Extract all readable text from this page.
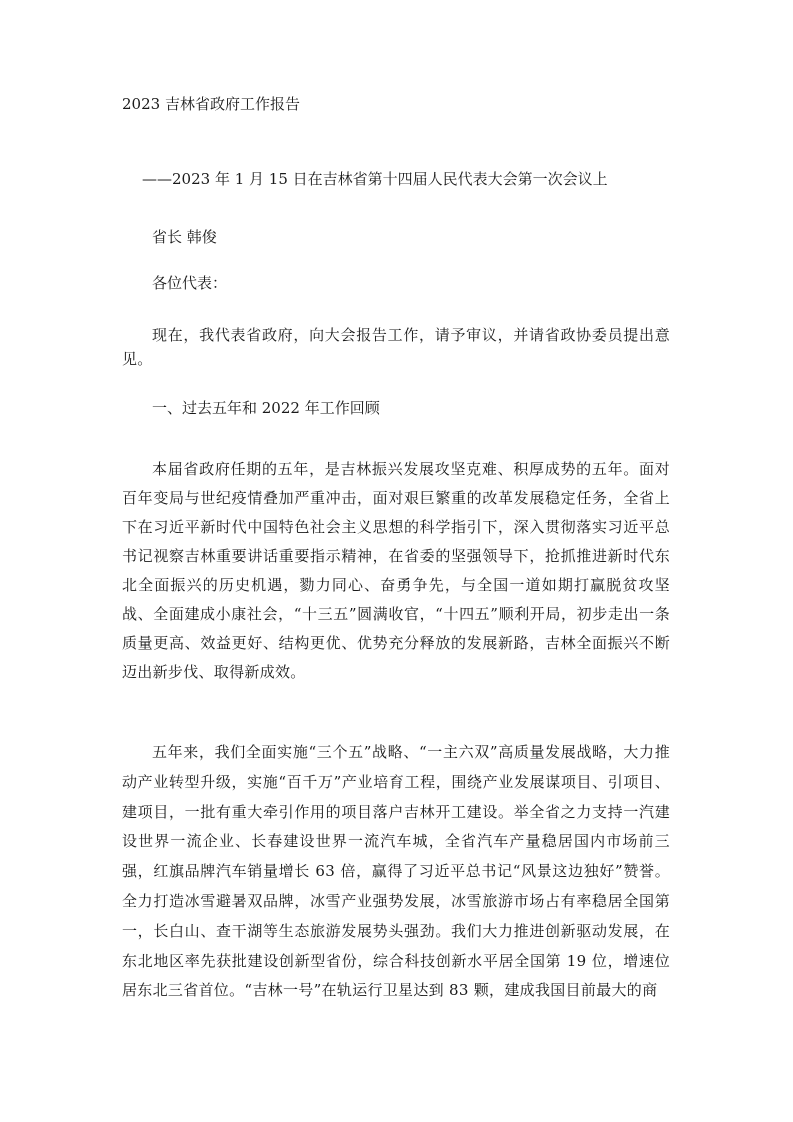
2023 吉林省政府工作报告

——2023 年 1 月 15 日在吉林省第十四届人民代表大会第一次会议上

省长 韩俊

各位代表：

现在，我代表省政府，向大会报告工作，请予审议，并请省政协委员提出意见。

一、过去五年和 2022 年工作回顾

本届省政府任期的五年，是吉林振兴发展攻坚克难、积厚成势的五年。面对百年变局与世纪疫情叠加严重冲击，面对艰巨繁重的改革发展稳定任务，全省上下在习近平新时代中国特色社会主义思想的科学指引下，深入贯彻落实习近平总书记视察吉林重要讲话重要指示精神，在省委的坚强领导下，抢抓推进新时代东北全面振兴的历史机遇，勠力同心、奋勇争先，与全国一道如期打赢脱贫攻坚战、全面建成小康社会，“十三五”圆满收官，“十四五”顺利开局，初步走出一条质量更高、效益更好、结构更优、优势充分释放的发展新路，吉林全面振兴不断迈出新步伐、取得新成效。

五年来，我们全面实施“三个五”战略、“一主六双”高质量发展战略，大力推动产业转型升级，实施“百千万”产业培育工程，围绕产业发展谋项目、引项目、建项目，一批有重大牵引作用的项目落户吉林开工建设。举全省之力支持一汽建设世界一流企业、长春建设世界一流汽车城，全省汽车产量稳居国内市场前三强，红旗品牌汽车销量增长 63 倍，赢得了习近平总书记“风景这边独好”赞誉。全力打造冰雪避暑双品牌，冰雪产业强势发展，冰雪旅游市场占有率稳居全国第一，长白山、查干湖等生态旅游发展势头强劲。我们大力推进创新驱动发展，在东北地区率先获批建设创新型省份，综合科技创新水平居全国第 19 位，增速位居东北三省首位。“吉林一号”在轨运行卫星达到 83 颗，建成我国目前最大的商
